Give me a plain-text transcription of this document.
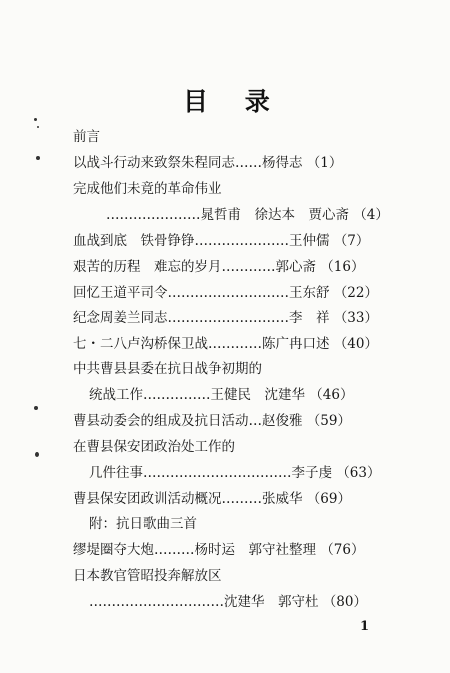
目 录
前言
以战斗行动来致祭朱程同志……杨得志 （1）
完成他们未竟的革命伟业
…………………晁哲甫　徐达本　贾心斋 （4）
血战到底　铁骨铮铮…………………王仲儒 （7）
艰苦的历程　难忘的岁月…………郭心斋 （16）
回忆王道平司令………………………王东舒 （22）
纪念周姜兰同志………………………李　祥 （33）
七・二八卢沟桥保卫战…………陈广冉口述 （40）
中共曹县县委在抗日战争初期的
统战工作……………王健民　沈建华 （46）
曹县动委会的组成及抗日活动…赵俊雅 （59）
在曹县保安团政治处工作的
几件往事……………………………李子虔 （63）
曹县保安团政训活动概况………张威华 （69）
附：抗日歌曲三首
缪堤圈夺大炮………杨时运　郭守社整理 （76）
日本教官管昭投奔解放区
…………………………沈建华　郭守杜 （80）
1
